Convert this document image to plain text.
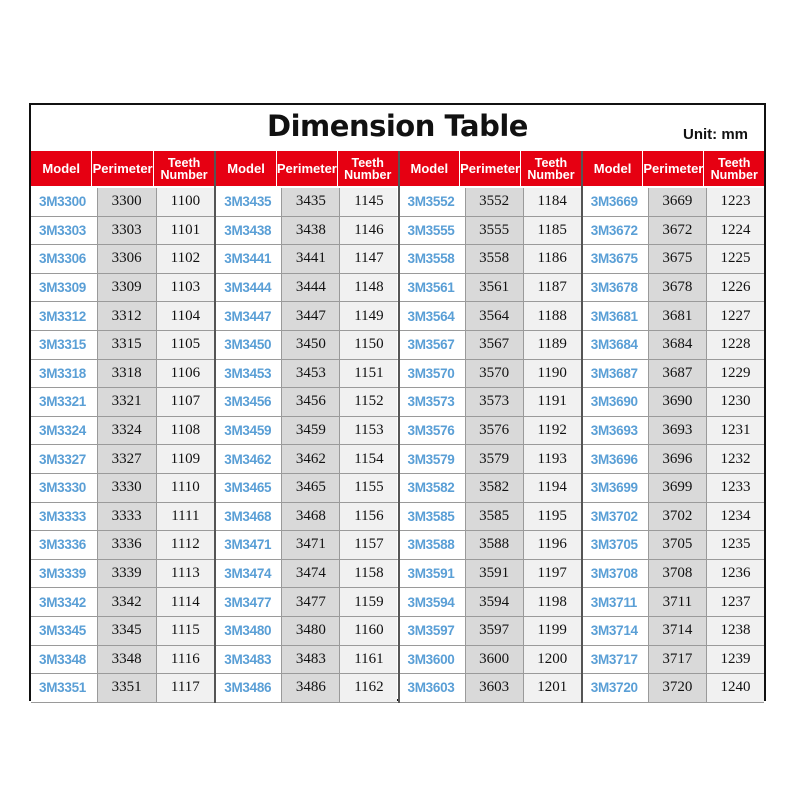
Dimension Table	Unit: mm
Model Perimeter	Teeth Number
3M3300	3300	1100
3M3303	3303	1101
3M3306	3306	1102
3M3309	3309	1103
3M3312	3312	1104
3M3315	3315	1105
3M3318	3318	1106
3M3321	3321	1107
3M3324	3324	1108
3M3327	3327	1109
3M3330	3330	1110
3M3333	3333	1111
3M3336	3336	1112
3M3339	3339	1113
3M3342	3342	1114
3M3345	3345	1115
3M3348	3348	1116
3M3351	3351	1117
Model Perimeter	Teeth Number
3M3435	3435	1145
3M3438	3438	1146
3M3441	3441	1147
3M3444	3444	1148
3M3447	3447	1149
3M3450	3450	1150
3M3453	3453	1151
3M3456	3456	1152
3M3459	3459	1153
3M3462	3462	1154
3M3465	3465	1155
3M3468	3468	1156
3M3471	3471	1157
3M3474	3474	1158
3M3477	3477	1159
3M3480	3480	1160
3M3483	3483	1161
3M3486	3486	1162
Model Perimeter	Teeth Number
3M3552	3552	1184
3M3555	3555	1185
3M3558	3558	1186
3M3561	3561	1187
3M3564	3564	1188
3M3567	3567	1189
3M3570	3570	1190
3M3573	3573	1191
3M3576	3576	1192
3M3579	3579	1193
3M3582	3582	1194
3M3585	3585	1195
3M3588	3588	1196
3M3591	3591	1197
3M3594	3594	1198
3M3597	3597	1199
3M3600	3600	1200
3M3603	3603	1201
Model Perimeter	Teeth Number
3M3669	3669	1223
3M3672	3672	1224
3M3675	3675	1225
3M3678	3678	1226
3M3681	3681	1227
3M3684	3684	1228
3M3687	3687	1229
3M3690	3690	1230
3M3693	3693	1231
3M3696	3696	1232
3M3699	3699	1233
3M3702	3702	1234
3M3705	3705	1235
3M3708	3708	1236
3M3711	3711	1237
3M3714	3714	1238
3M3717	3717	1239
3M3720	3720	1240
